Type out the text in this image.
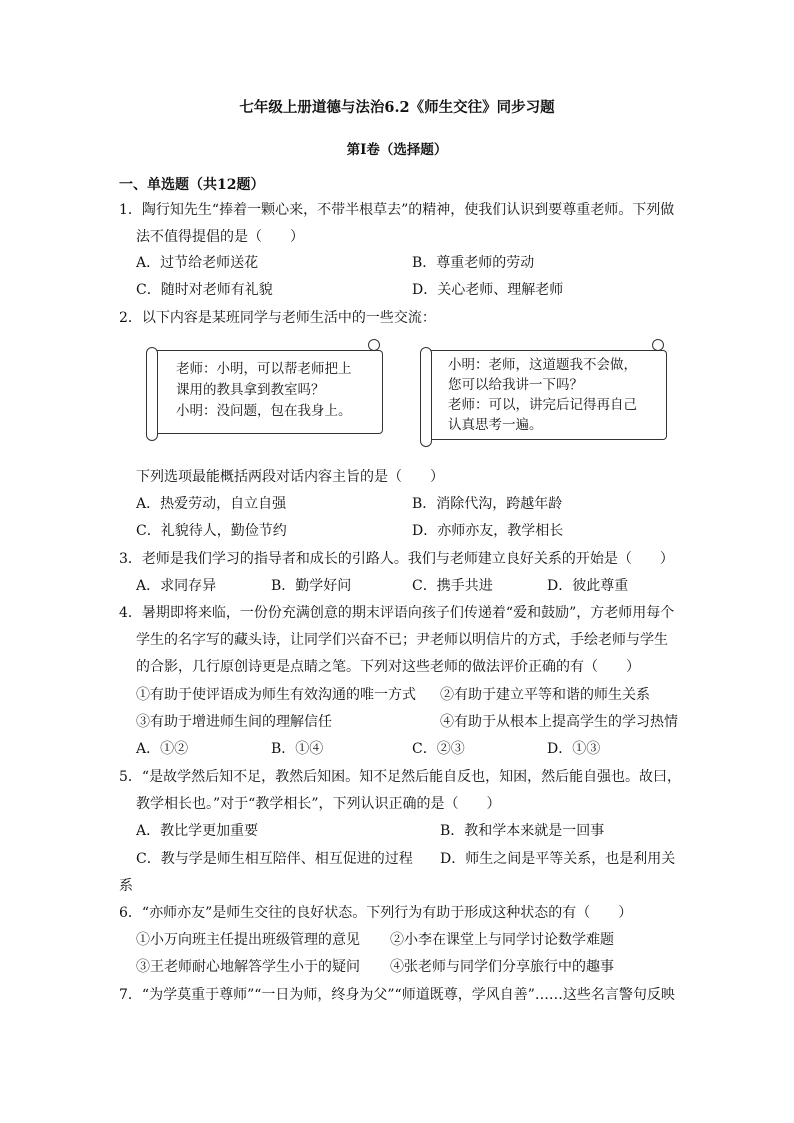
七年级上册道德与法治6.2《师生交往》同步习题
第I卷（选择题）
一、单选题（共12题）
1．陶行知先生“捧着一颗心来，不带半根草去”的精神，使我们认识到要尊重老师。下列做
法不值得提倡的是（　　）
A．过节给老师送花	B．尊重老师的劳动
C．随时对老师有礼貌	D．关心老师、理解老师
2．以下内容是某班同学与老师生活中的一些交流：
老师：小明，可以帮老师把上
课用的教具拿到教室吗？
小明：没问题，包在我身上。
小明：老师，这道题我不会做，
您可以给我讲一下吗？
老师：可以，讲完后记得再自己
认真思考一遍。
下列选项最能概括两段对话内容主旨的是（　　）
A．热爱劳动，自立自强	B．消除代沟，跨越年龄
C．礼貌待人，勤俭节约	D．亦师亦友，教学相长
3．老师是我们学习的指导者和成长的引路人。我们与老师建立良好关系的开始是（　　）
A．求同存异	B．勤学好问	C．携手共进	D．彼此尊重
4．暑期即将来临，一份份充满创意的期末评语向孩子们传递着“爱和鼓励”，方老师用每个
学生的名字写的藏头诗，让同学们兴奋不已；尹老师以明信片的方式，手绘老师与学生
的合影，几行原创诗更是点睛之笔。下列对这些老师的做法评价正确的有（　　）
①有助于使评语成为师生有效沟通的唯一方式 ②有助于建立平等和谐的师生关系
③有助于增进师生间的理解信任	④有助于从根本上提高学生的学习热情
A．①②	B．①④	C．②③	D．①③
5．“是故学然后知不足，教然后知困。知不足然后能自反也，知困，然后能自强也。故曰，
教学相长也。”对于“教学相长”，下列认识正确的是（　　）
A．教比学更加重要	B．教和学本来就是一回事
C．教与学是师生相互陪伴、相互促进的过程 D．师生之间是平等关系，也是利用关
系
6．“亦师亦友”是师生交往的良好状态。下列行为有助于形成这种状态的有（　　）
①小万向班主任提出班级管理的意见 ②小李在课堂上与同学讨论数学难题
③王老师耐心地解答学生小于的疑问 ④张老师与同学们分享旅行中的趣事
7．“为学莫重于尊师”“一日为师，终身为父”“师道既尊，学风自善”……这些名言警句反映
